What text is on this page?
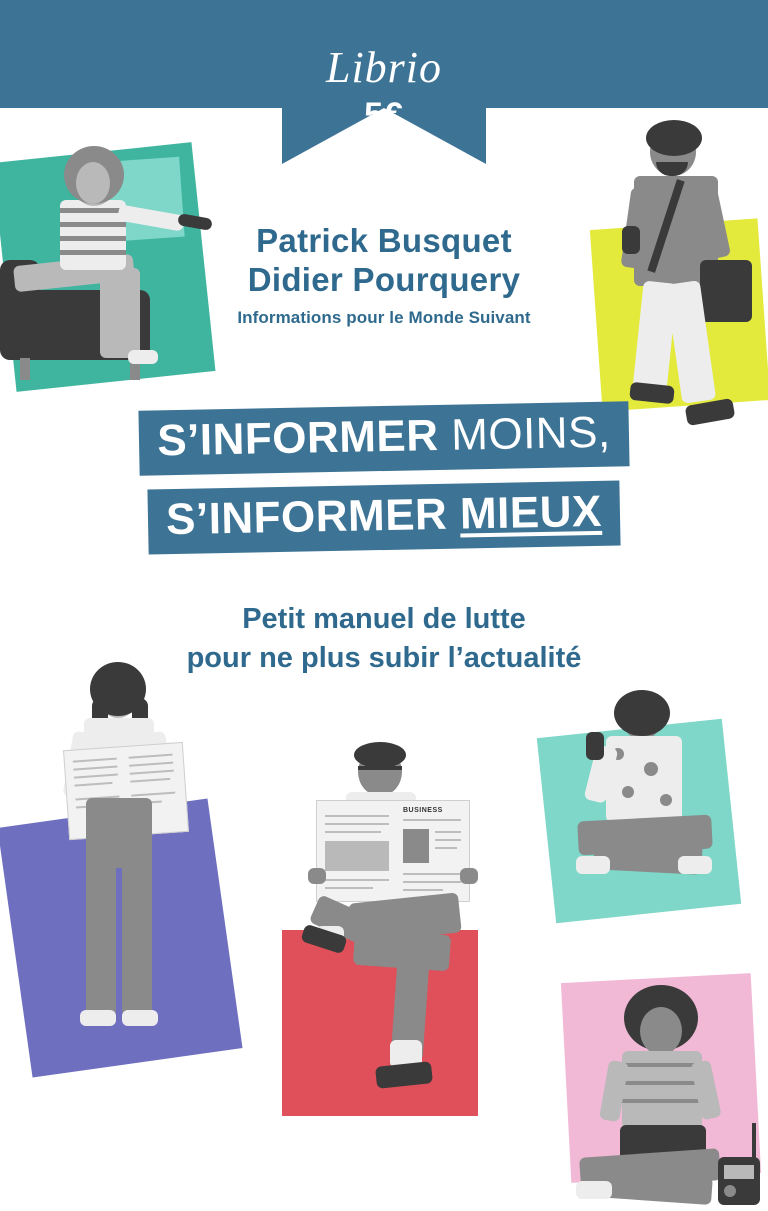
Librio
5€
BUSINESS
Patrick Busquet
Didier Pourquery
Informations pour le Monde Suivant
S’INFORMER MOINS,
S’INFORMER MIEUX
Petit manuel de lutte
pour ne plus subir l’actualité
